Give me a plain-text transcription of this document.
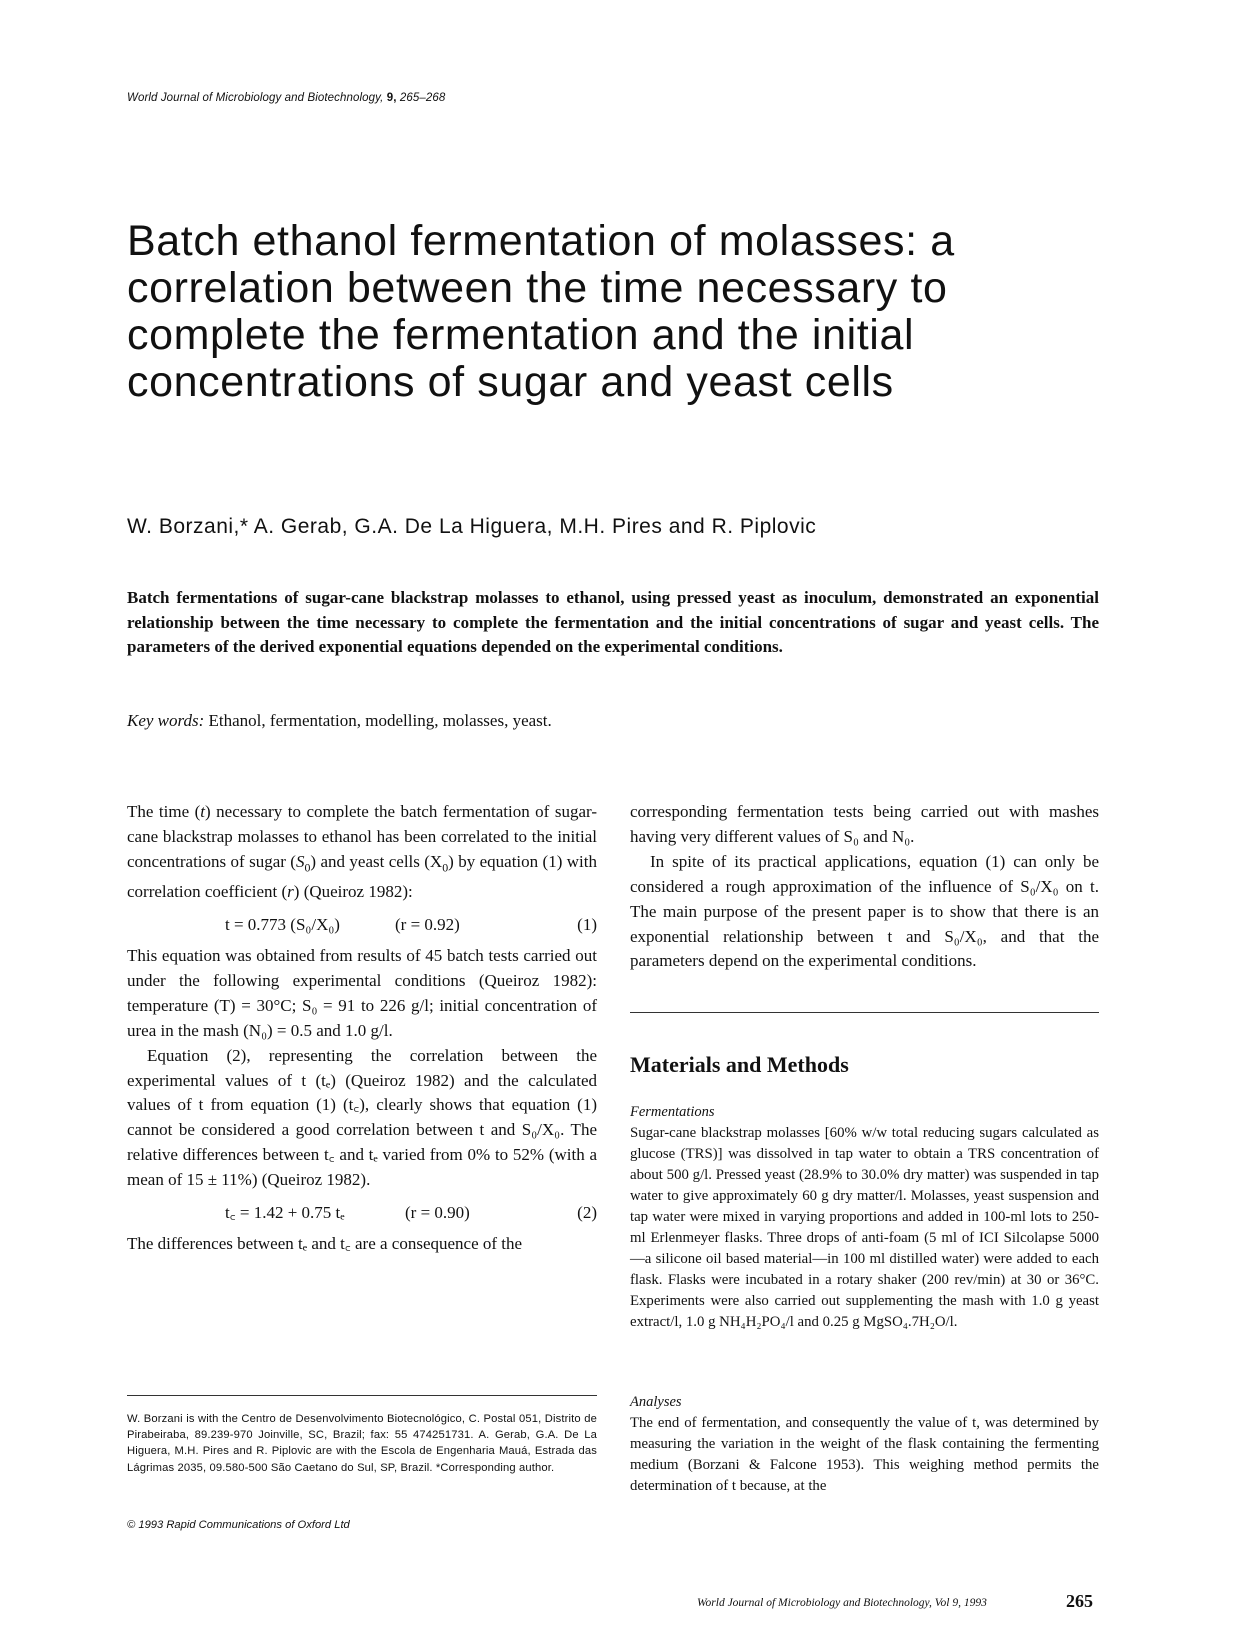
World Journal of Microbiology and Biotechnology, 9, 265–268
Batch ethanol fermentation of molasses: a
correlation between the time necessary to
complete the fermentation and the initial
concentrations of sugar and yeast cells
W. Borzani,* A. Gerab, G.A. De La Higuera, M.H. Pires and R. Piplovic
Batch fermentations of sugar-cane blackstrap molasses to ethanol, using pressed yeast as inoculum, demonstrated an exponential relationship between the time necessary to complete the fermentation and the initial concentrations of sugar and yeast cells. The parameters of the derived exponential equations depended on the experimental conditions.
Key words: Ethanol, fermentation, modelling, molasses, yeast.

The time (t) necessary to complete the batch fermentation of sugar-cane blackstrap molasses to ethanol has been correlated to the initial concentrations of sugar $(S_0)$ and yeast cells $(X_0)$ by equation (1) with correlation coefficient (r) (Queiroz 1982):

t = 0.773 (S₀/X₀)	(r = 0.92)	(1)

This equation was obtained from results of 45 batch tests carried out under the following experimental conditions (Queiroz 1982): temperature (T) = 30°C; S₀ = 91 to 226 g/l; initial concentration of urea in the mash (N₀) = 0.5 and 1.0 g/l.

Equation (2), representing the correlation between the experimental values of t (tₑ) (Queiroz 1982) and the calculated values of t from equation (1) (t꜀), clearly shows that equation (1) cannot be considered a good correlation between t and S₀/X₀. The relative differences between t꜀ and tₑ varied from 0% to 52% (with a mean of 15 ± 11%) (Queiroz 1982).

t꜀ = 1.42 + 0.75 tₑ	(r = 0.90)	(2)

The differences between tₑ and t꜀ are a consequence of the

corresponding fermentation tests being carried out with mashes having very different values of S₀ and N₀.

In spite of its practical applications, equation (1) can only be considered a rough approximation of the influence of S₀/X₀ on t. The main purpose of the present paper is to show that there is an exponential relationship between t and S₀/X₀, and that the parameters depend on the experimental conditions.

Materials and Methods

Fermentations

Sugar-cane blackstrap molasses [60% w/w total reducing sugars calculated as glucose (TRS)] was dissolved in tap water to obtain a TRS concentration of about 500 g/l. Pressed yeast (28.9% to 30.0% dry matter) was suspended in tap water to give approximately 60 g dry matter/l. Molasses, yeast suspension and tap water were mixed in varying proportions and added in 100-ml lots to 250-ml Erlenmeyer flasks. Three drops of anti-foam (5 ml of ICI Silcolapse 5000—a silicone oil based material—in 100 ml distilled water) were added to each flask. Flasks were incubated in a rotary shaker (200 rev/min) at 30 or 36°C. Experiments were also carried out supplementing the mash with 1.0 g yeast extract/l, 1.0 g NH₄H₂PO₄/l and 0.25 g MgSO₄.7H₂O/l.

Analyses

The end of fermentation, and consequently the value of t, was determined by measuring the variation in the weight of the flask containing the fermenting medium (Borzani & Falcone 1953). This weighing method permits the determination of t because, at the

W. Borzani is with the Centro de Desenvolvimento Biotecnológico, C. Postal 051, Distrito de Pirabeiraba, 89.239-970 Joinville, SC, Brazil; fax: 55 474251731. A. Gerab, G.A. De La Higuera, M.H. Pires and R. Piplovic are with the Escola de Engenharia Mauá, Estrada das Lágrimas 2035, 09.580-500 São Caetano do Sul, SP, Brazil. *Corresponding author.
© 1993 Rapid Communications of Oxford Ltd
World Journal of Microbiology and Biotechnology, Vol 9, 1993	265
